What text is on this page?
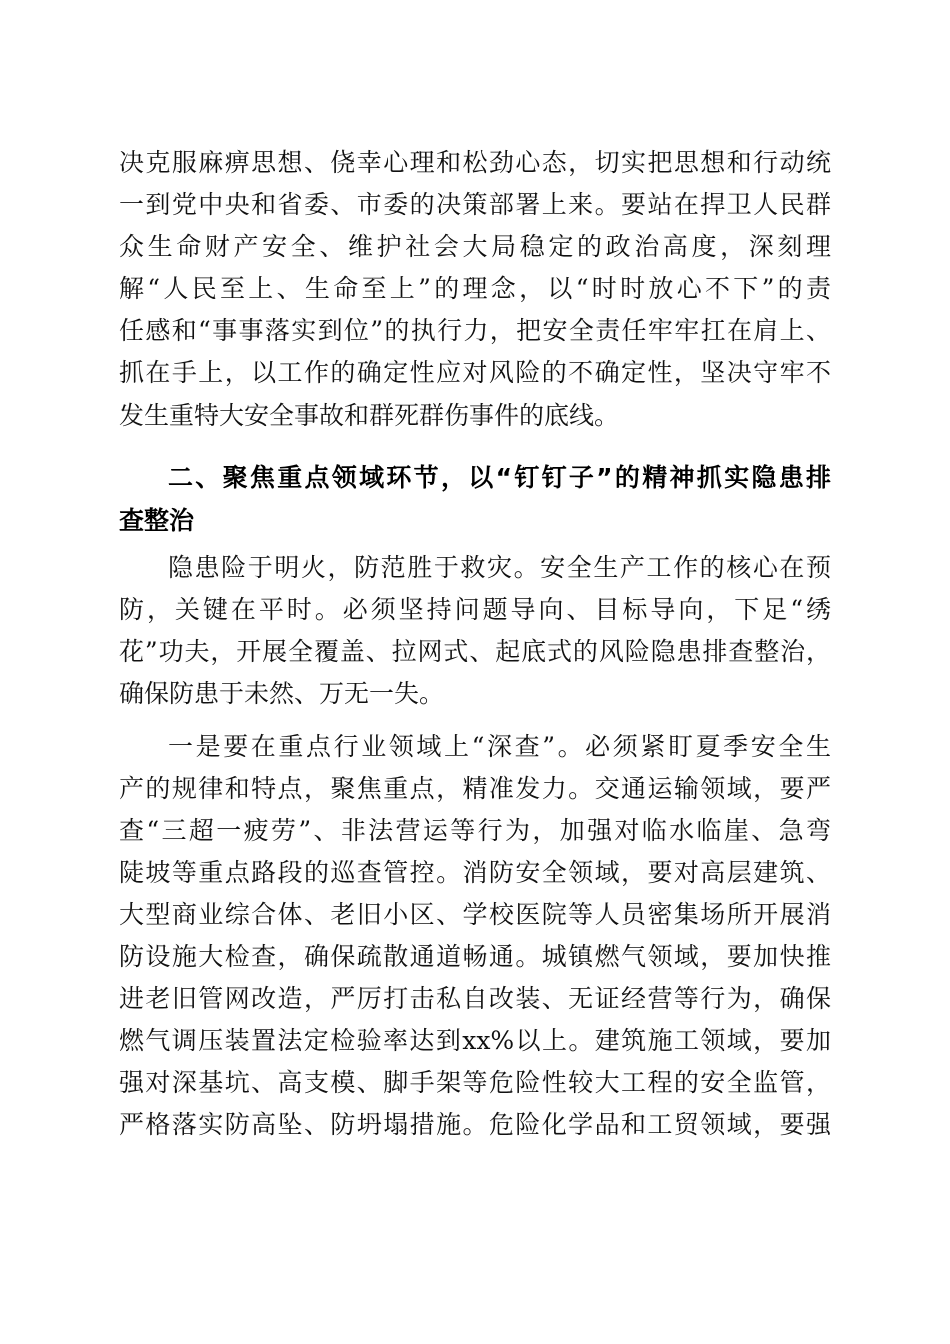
决克服麻痹思想、侥幸心理和松劲心态，切实把思想和行动统
一到党中央和省委、市委的决策部署上来。要站在捍卫人民群
众生命财产安全、维护社会大局稳定的政治高度，深刻理
解“人民至上、生命至上”的理念，以“时时放心不下”的责
任感和“事事落实到位”的执行力，把安全责任牢牢扛在肩上、
抓在手上，以工作的确定性应对风险的不确定性，坚决守牢不
发生重特大安全事故和群死群伤事件的底线。
二、聚焦重点领域环节，以“钉钉子”的精神抓实隐患排
查整治
隐患险于明火，防范胜于救灾。安全生产工作的核心在预
防，关键在平时。必须坚持问题导向、目标导向，下足“绣
花”功夫，开展全覆盖、拉网式、起底式的风险隐患排查整治，
确保防患于未然、万无一失。
一是要在重点行业领域上“深查”。必须紧盯夏季安全生
产的规律和特点，聚焦重点，精准发力。交通运输领域，要严
查“三超一疲劳”、非法营运等行为，加强对临水临崖、急弯
陡坡等重点路段的巡查管控。消防安全领域，要对高层建筑、
大型商业综合体、老旧小区、学校医院等人员密集场所开展消
防设施大检查，确保疏散通道畅通。城镇燃气领域，要加快推
进老旧管网改造，严厉打击私自改装、无证经营等行为，确保
燃气调压装置法定检验率达到xx%以上。建筑施工领域，要加
强对深基坑、高支模、脚手架等危险性较大工程的安全监管，
严格落实防高坠、防坍塌措施。危险化学品和工贸领域，要强
